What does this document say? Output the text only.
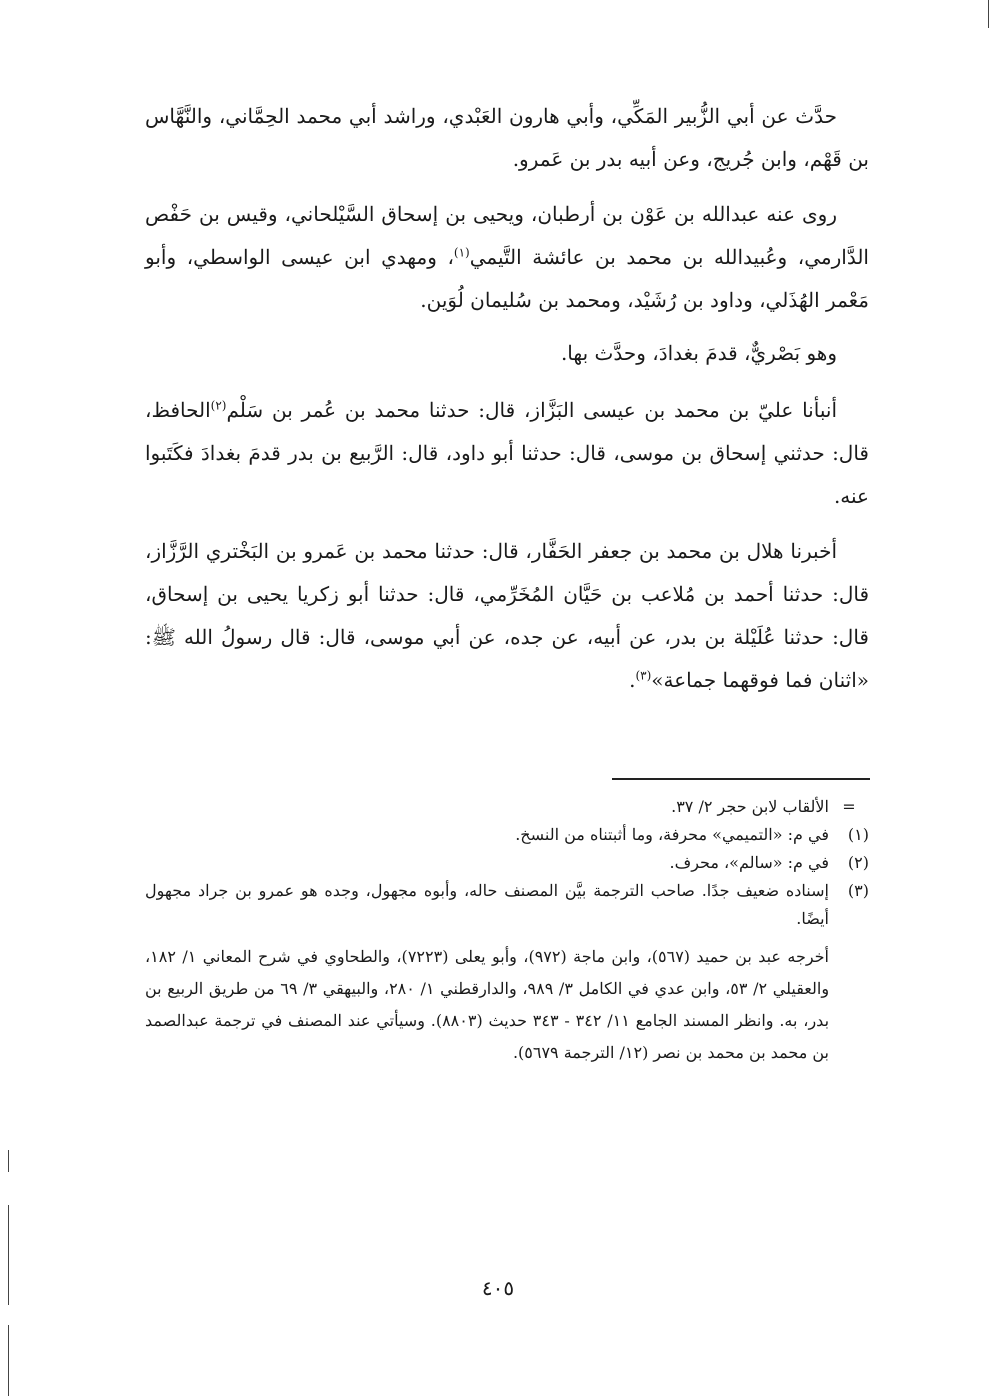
حدَّث عن أبي الزُّبير المَكِّي، وأبي هارون العَبْدي، وراشد أبي محمد الحِمَّاني، والنَّهَّاس بن قَهْم، وابن جُريج، وعن أبيه بدر بن عَمرو.

روى عنه عبدالله بن عَوْن بن أرطبان، ويحيى بن إسحاق السَّيْلحاني، وقيس بن حَفْص الدَّارمي، وعُبيدالله بن محمد بن عائشة التَّيمي$^{(١)}$، ومهدي ابن عيسى الواسطي، وأبو مَعْمر الهُذَلي، وداود بن رُشَيْد، ومحمد بن سُليمان لُوَين.

وهو بَصْريٌّ، قدمَ بغدادَ، وحدَّث بها.

أنبأنا عليّ بن محمد بن عيسى البَزَّاز، قال: حدثنا محمد بن عُمر بن سَلْم$^{(٢)}$الحافظ، قال: حدثني إسحاق بن موسى، قال: حدثنا أبو داود، قال: الرَّبيع بن بدر قدمَ بغدادَ فكَتَبوا عنه.

أخبرنا هلال بن محمد بن جعفر الحَفَّار، قال: حدثنا محمد بن عَمرو بن البَخْتري الرَّزَّاز، قال: حدثنا أحمد بن مُلاعب بن حَيَّان المُخَرِّمي، قال: حدثنا أبو زكريا يحيى بن إسحاق، قال: حدثنا عُلَيْلة بن بدر، عن أبيه، عن جده، عن أبي موسى، قال: قال رسولُ الله ﷺ: «اثنان فما فوقهما جماعة»$^{(٣)}$.

=
الألقاب لابن حجر ٢/ ٣٧.
(١)
في م: «التميمي» محرفة، وما أثبتناه من النسخ.
(٢)
في م: «سالم»، محرف.
(٣)
إسناده ضعيف جدًا. صاحب الترجمة بيَّن المصنف حاله، وأبوه مجهول، وجده هو عمرو بن جراد مجهول أيضًا.
أخرجه عبد بن حميد (٥٦٧)، وابن ماجة (٩٧٢)، وأبو يعلى (٧٢٢٣)، والطحاوي في شرح المعاني ١/ ١٨٢، والعقيلي ٢/ ٥٣، وابن عدي في الكامل ٣/ ٩٨٩، والدارقطني ١/ ٢٨٠، والبيهقي ٣/ ٦٩ من طريق الربيع بن بدر، به. وانظر المسند الجامع ١١/ ٣٤٢ - ٣٤٣ حديث (٨٨٠٣). وسيأتي عند المصنف في ترجمة عبدالصمد بن محمد بن محمد بن نصر (١٢/ الترجمة ٥٦٧٩).
٤٠٥
